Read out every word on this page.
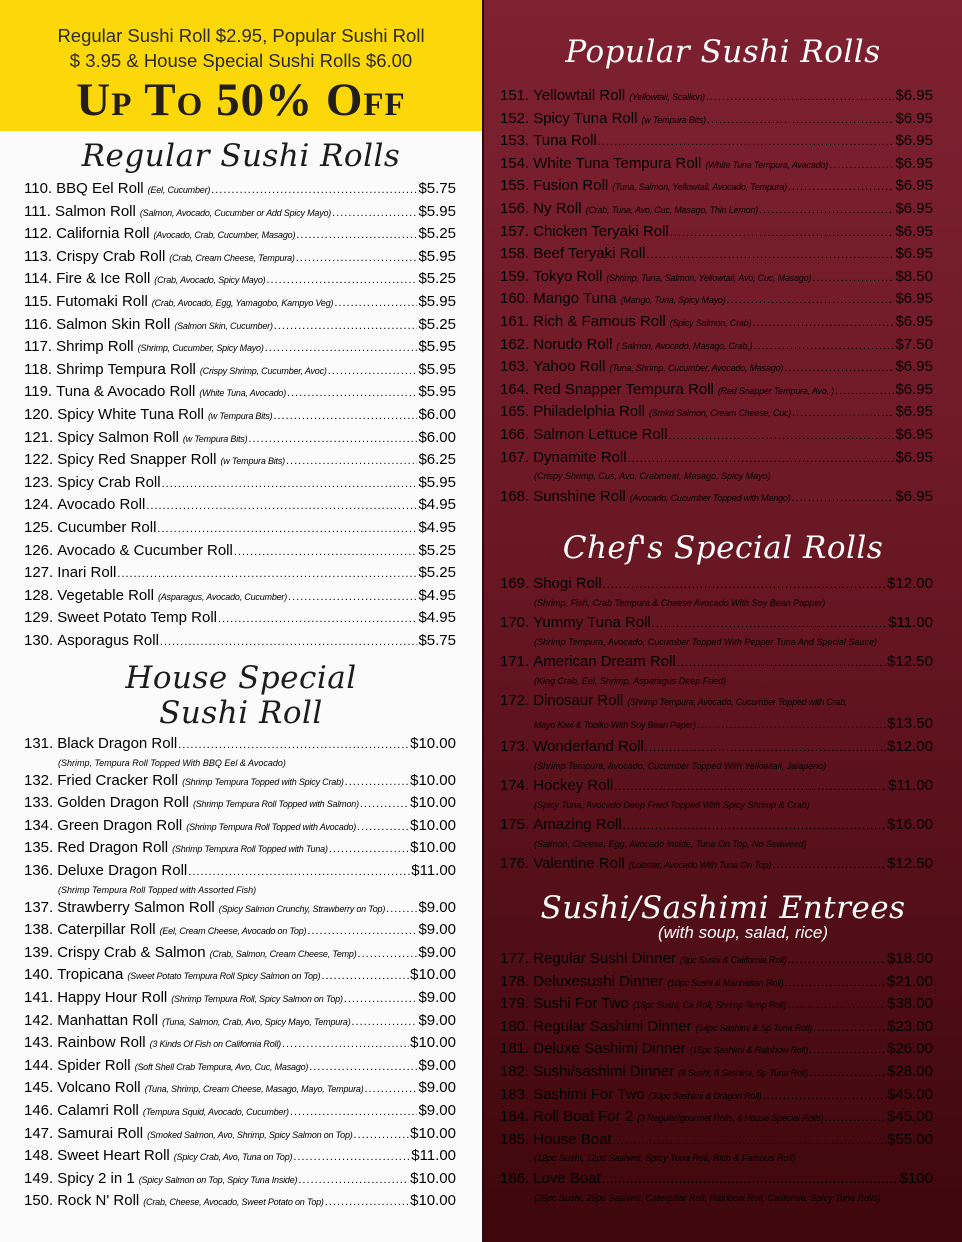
Regular Sushi Roll $2.95, Popular Sushi Roll
$ 3.95 & House Special Sushi Rolls $6.00
Up To 50% Off
Regular Sushi Rolls
110. BBQ Eel Roll (Eel, Cucumber) .....	$5.75
111. Salmon Roll (Salmon, Avocado, Cucumber or Add Spicy Mayo) .....	$5.95
112. California Roll (Avocado, Crab, Cucumber, Masago) .....	$5.25
113. Crispy Crab Roll (Crab, Cream Cheese, Tempura) .....	$5.95
114. Fire & Ice Roll (Crab, Avocado, Spicy Mayo) .....	$5.25
115. Futomaki Roll (Crab, Avocado, Egg, Yamagobo, Kampyo Veg) .....	$5.95
116. Salmon Skin Roll (Salmon Skin, Cucumber) .....	$5.25
117. Shrimp Roll (Shrimp, Cucumber, Spicy Mayo) .....	$5.95
118. Shrimp Tempura Roll (Crispy Shrimp, Cucumber, Avoc) .....	$5.95
119. Tuna & Avocado Roll (White Tuna, Avocado) .....	$5.95
120. Spicy White Tuna Roll (w Tempura Bits) .....	$6.00
121. Spicy Salmon Roll (w Tempura Bits) .....	$6.00
122. Spicy Red Snapper Roll (w Tempura Bits) .....	$6.25
123. Spicy Crab Roll .....	$5.95
124. Avocado Roll .....	$4.95
125. Cucumber Roll .....	$4.95
126. Avocado & Cucumber Roll .....	$5.25
127. Inari Roll .....	$5.25
128. Vegetable Roll (Asparagus, Avocado, Cucumber) .....	$4.95
129. Sweet Potato Temp Roll .....	$4.95
130. Asporagus Roll .....	$5.75
House Special
Sushi Roll
131. Black Dragon Roll .....	$10.00
(Shrimp, Tempura Roll Topped With BBQ Eel & Avocado)
132. Fried Cracker Roll (Shrimp Tempura Topped with Spicy Crab) .....	$10.00
133. Golden Dragon Roll (Shrimp Tempura Roll Topped with Salmon) .....	$10.00
134. Green Dragon Roll (Shrimp Tempura Roll Topped with Avocado) .....	$10.00
135. Red Dragon Roll (Shrimp Tempura Roll Topped with Tuna) .....	$10.00
136. Deluxe Dragon Roll .....	$11.00
(Shrimp Tempura Roll Topped with Assorted Fish)
137. Strawberry Salmon Roll (Spicy Salmon Crunchy, Strawberry on Top) ..... $9.00
138. Caterpillar Roll (Eel, Cream Cheese, Avocado on Top) .....	$9.00
139. Crispy Crab & Salmon (Crab, Salmon, Cream Cheese, Temp) .....	$9.00
140. Tropicana (Sweet Potato Tempura Roll Spicy Salmon on Top) .....	$10.00
141. Happy Hour Roll (Shrimp Tempura Roll, Spicy Salmon on Top) .....	$9.00
142. Manhattan Roll (Tuna, Salmon, Crab, Avo, Spicy Mayo, Tempura) .....	$9.00
143. Rainbow Roll (3 Kinds Of Fish on California Roll) .....	$10.00
144. Spider Roll (Soft Shell Crab Tempura, Avo, Cuc, Masago) .....	$9.00
145. Volcano Roll (Tuna, Shrimp, Cream Cheese, Masago, Mayo, Tempura) .....	$9.00
146. Calamri Roll (Tempura Squid, Avocado, Cucumber) .....	$9.00
147. Samurai Roll (Smoked Salmon, Avo, Shrimp, Spicy Salmon on Top) .....	$10.00
148. Sweet Heart Roll (Spicy Crab, Avo, Tuna on Top) .....	$11.00
149. Spicy 2 in 1 (Spicy Salmon on Top, Spicy Tuna Inside) .....	$10.00
150. Rock N' Roll (Crab, Cheese, Avocado, Sweet Potato on Top) .....	$10.00
Popular Sushi Rolls
151. Yellowtail Roll (Yellowtail, Scallion) .....	$6.95
152. Spicy Tuna Roll (w Tempura Bits) .....	$6.95
153. Tuna Roll .....	$6.95
154. White Tuna Tempura Roll (White Tuna Tempura, Avacado) .....	$6.95
155. Fusion Roll (Tuna, Salmon, Yellowtail, Avocado, Tempura) .....	$6.95
156. Ny Roll (Crab, Tuna, Avo, Cuc, Masago, Thin Lemon) .....	$6.95
157. Chicken Teryaki Roll .....	$6.95
158. Beef Teryaki Roll .....	$6.95
159. Tokyo Roll (Shrimp, Tuna, Salmon, Yellowtail, Avo, Cuc, Masago) .....	$8.50
160. Mango Tuna (Mango, Tuna, Spicy Mayo) .....	$6.95
161. Rich & Famous Roll (Spicy Salmon, Crab) .....	$6.95
162. Norudo Roll ( Salmon, Avocado, Masago, Crab,) .....	$7.50
163. Yahoo Roll (Tuna, Shrimp, Cucumber, Avocado, Masago) .....	$6.95
164. Red Snapper Tempura Roll (Red Snapper Tempura, Avo, ) .....	$6.95
165. Philadelphia Roll (Smkd Salmon, Cream Cheese, Cuc) .....	$6.95
166. Salmon Lettuce Roll .....	$6.95
167. Dynamite Roll .....	$6.95
(Crispy Shrimp, Cus, Avo, Crabmeat, Masago, Spicy Mayo)
168. Sunshine Roll (Avocado, Cucumber Topped with Mango) .....	$6.95
Chef's Special Rolls
169. Shogi Roll .....	$12.00
(Shrimp, Fish, Crab Tempura & Cheese Avocado With Soy Bean Papper)
170. Yummy Tuna Roll .....	$11.00
(Shrimp Tempura, Avocado, Cucumber Topped With Pepper Tuna And Special Sauce)
171. American Dream Roll .....	$12.50
(King Crab, Eel, Shrimp, Asparagus Deep Fried)
172. Dinosaur Roll (Shrimp Tempura, Avocado, Cucumber Topped with Crab,
Mayo Kiwi & Tobiko With Soy Bean Paper) .....	$13.50
173. Wonderland Roll .....	$12.00
(Shrimp Tempura, Avocado, Cucumber Topped With Yellowtail, Jalapeno)
174. Hockey Roll .....	$11.00
(Spicy Tuna, Avocado Deep Fried Topped With Spicy Shrimp & Crab)
175. Amazing Roll .....	$16.00
(Salmon, Cheese, Egg, Avocado Inside, Tuna On Top, No Seaweed)
176. Valentine Roll (Lobster, Avocado With Tuna On Top) .....	$12.50
Sushi/Sashimi Entrees
(with soup, salad, rice)
177. Regular Sushi Dinner (9pc Sushi & California Roll) .....	$18.00
178. Deluxesushi Dinner (10pc Sushi & Manhattan Roll) .....	$21.00
179. Sushi For Two (16pc Sushi, Ca Roll, Shrimp Temp Roll) .....	$38.00
180. Regular Sashimi Dinner (14pc Sashimi & Sp Tuna Roll) .....	$23.00
181. Deluxe Sashimi Dinner (15pc Sashimi & Rainbow Roll) .....	$26.00
182. Sushi/sashimi Dinner (8 Sushi, 8 Sashimi, Sp Tuna Roll) .....	$28.00
183. Sashimi For Two (30pc Sashimi & Dragon Roll) .....	$45.00
184. Roll Boat For 2 (3 Regular/gourmet Rolls, 4 House Special Rolls) .....	$45.00
185. House Boat .....	$55.00
(12pc Sushi, 12pc Sashimi, Spicy Tuna Roll, Rich & Famous Roll)
186. Love Boat .....	$100
(25pc Sushi, 25pc Sashimi, Caterpillar Roll, Rainbow Roll, California, Spicy Tuna Rolls)
